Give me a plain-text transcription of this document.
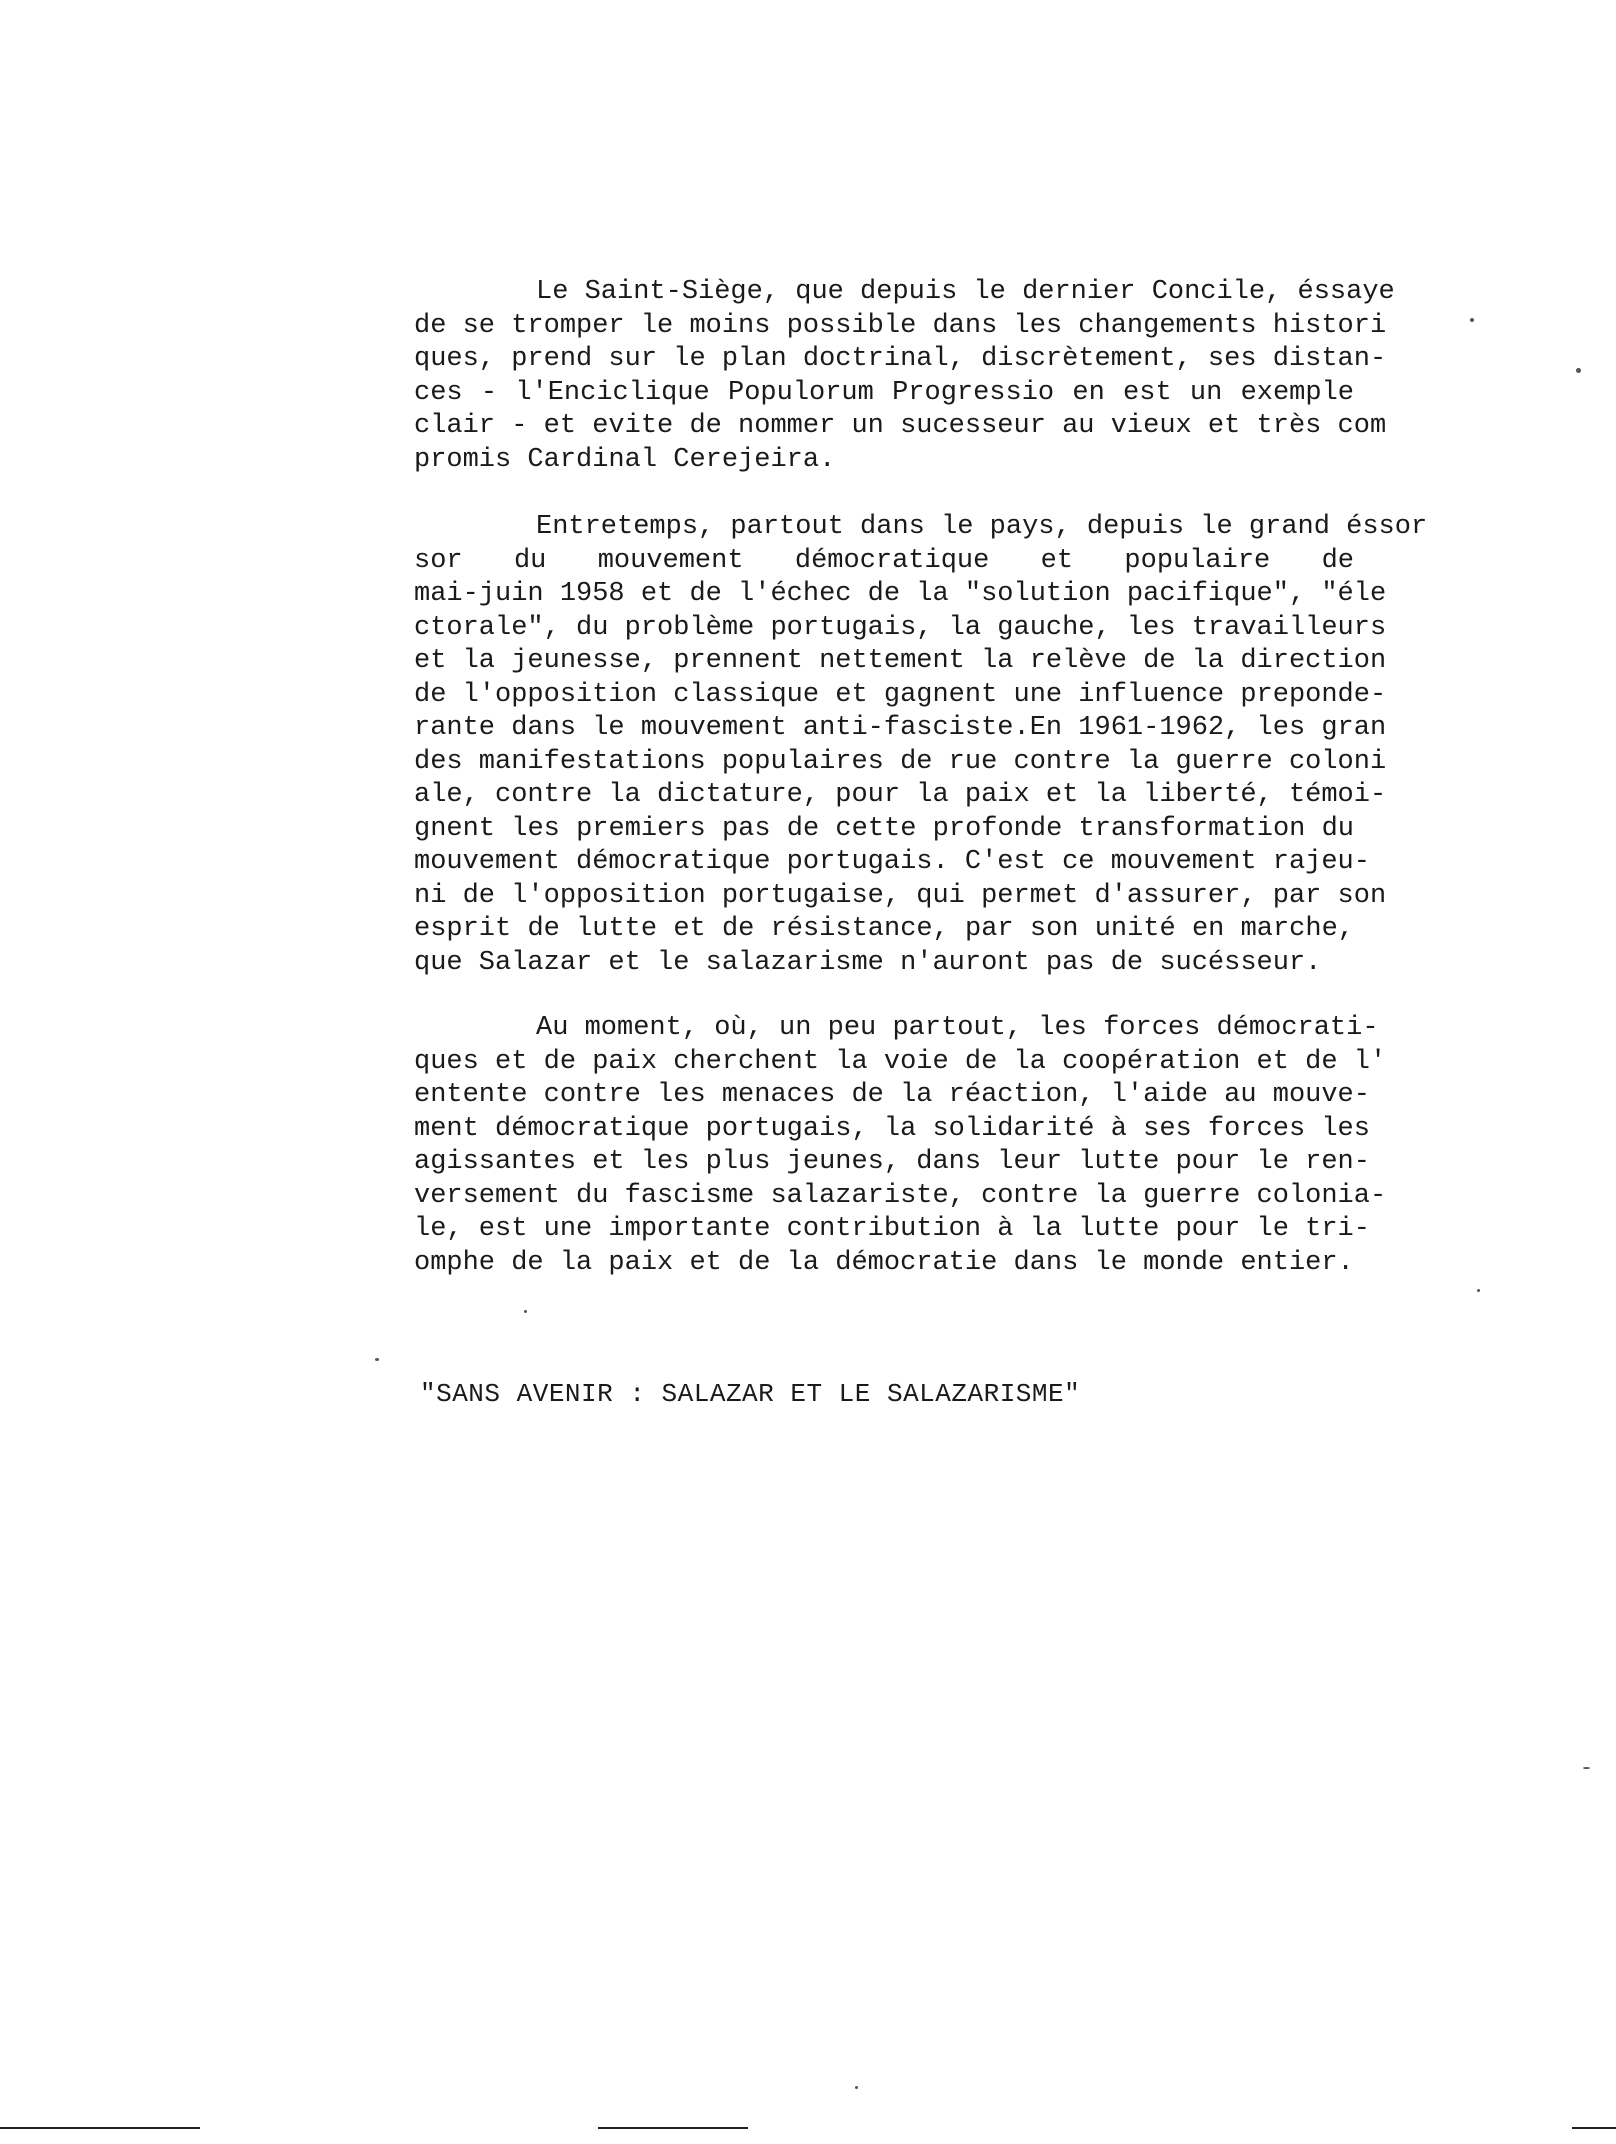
Le Saint-Siège, que depuis le dernier Concile, éssaye
de se tromper le moins possible dans les changements histori
ques, prend sur le plan doctrinal, discrètement, ses distan-
ces - l'Enciclique Populorum Progressio en est un exemple
clair - et evite de nommer un sucesseur au vieux et très com
promis Cardinal Cerejeira.
Entretemps, partout dans le pays, depuis le grand éssor
sor du mouvement démocratique et populaire de
mai-juin 1958 et de l'échec de la "solution pacifique", "éle
ctorale", du problème portugais, la gauche, les travailleurs
et la jeunesse, prennent nettement la relève de la direction
de l'opposition classique et gagnent une influence preponde-
rante dans le mouvement anti-fasciste.En 1961-1962, les gran
des manifestations populaires de rue contre la guerre coloni
ale, contre la dictature, pour la paix et la liberté, témoi-
gnent les premiers pas de cette profonde transformation du
mouvement démocratique portugais. C'est ce mouvement rajeu-
ni de l'opposition portugaise, qui permet d'assurer, par son
esprit de lutte et de résistance, par son unité en marche,
que Salazar et le salazarisme n'auront pas de sucésseur.
Au moment, où, un peu partout, les forces démocrati-
ques et de paix cherchent la voie de la coopération et de l'
entente contre les menaces de la réaction, l'aide au mouve-
ment démocratique portugais, la solidarité à ses forces les
agissantes et les plus jeunes, dans leur lutte pour le ren-
versement du fascisme salazariste, contre la guerre colonia-
le, est une importante contribution à la lutte pour le tri-
omphe de la paix et de la démocratie dans le monde entier.
"SANS AVENIR : SALAZAR ET LE SALAZARISME"
